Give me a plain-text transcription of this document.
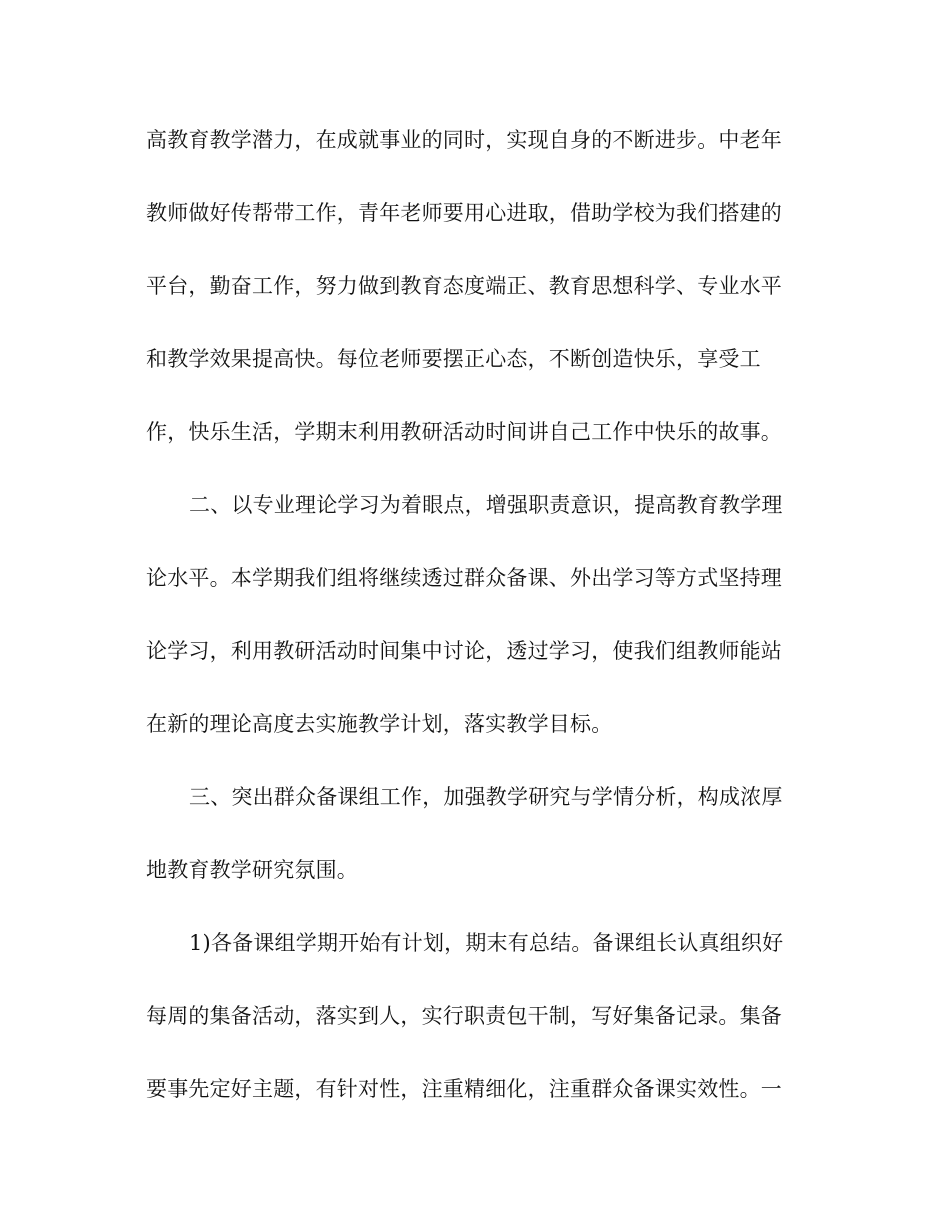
高教育教学潜力，在成就事业的同时，实现自身的不断进步。中老年
教师做好传帮带工作，青年老师要用心进取，借助学校为我们搭建的
平台，勤奋工作，努力做到教育态度端正、教育思想科学、专业水平
和教学效果提高快。每位老师要摆正心态，不断创造快乐，享受工
作，快乐生活，学期末利用教研活动时间讲自己工作中快乐的故事。
二、以专业理论学习为着眼点，增强职责意识，提高教育教学理
论水平。本学期我们组将继续透过群众备课、外出学习等方式坚持理
论学习，利用教研活动时间集中讨论，透过学习，使我们组教师能站
在新的理论高度去实施教学计划，落实教学目标。
三、突出群众备课组工作，加强教学研究与学情分析，构成浓厚
地教育教学研究氛围。
1)各备课组学期开始有计划，期末有总结。备课组长认真组织好
每周的集备活动，落实到人，实行职责包干制，写好集备记录。集备
要事先定好主题，有针对性，注重精细化，注重群众备课实效性。一
